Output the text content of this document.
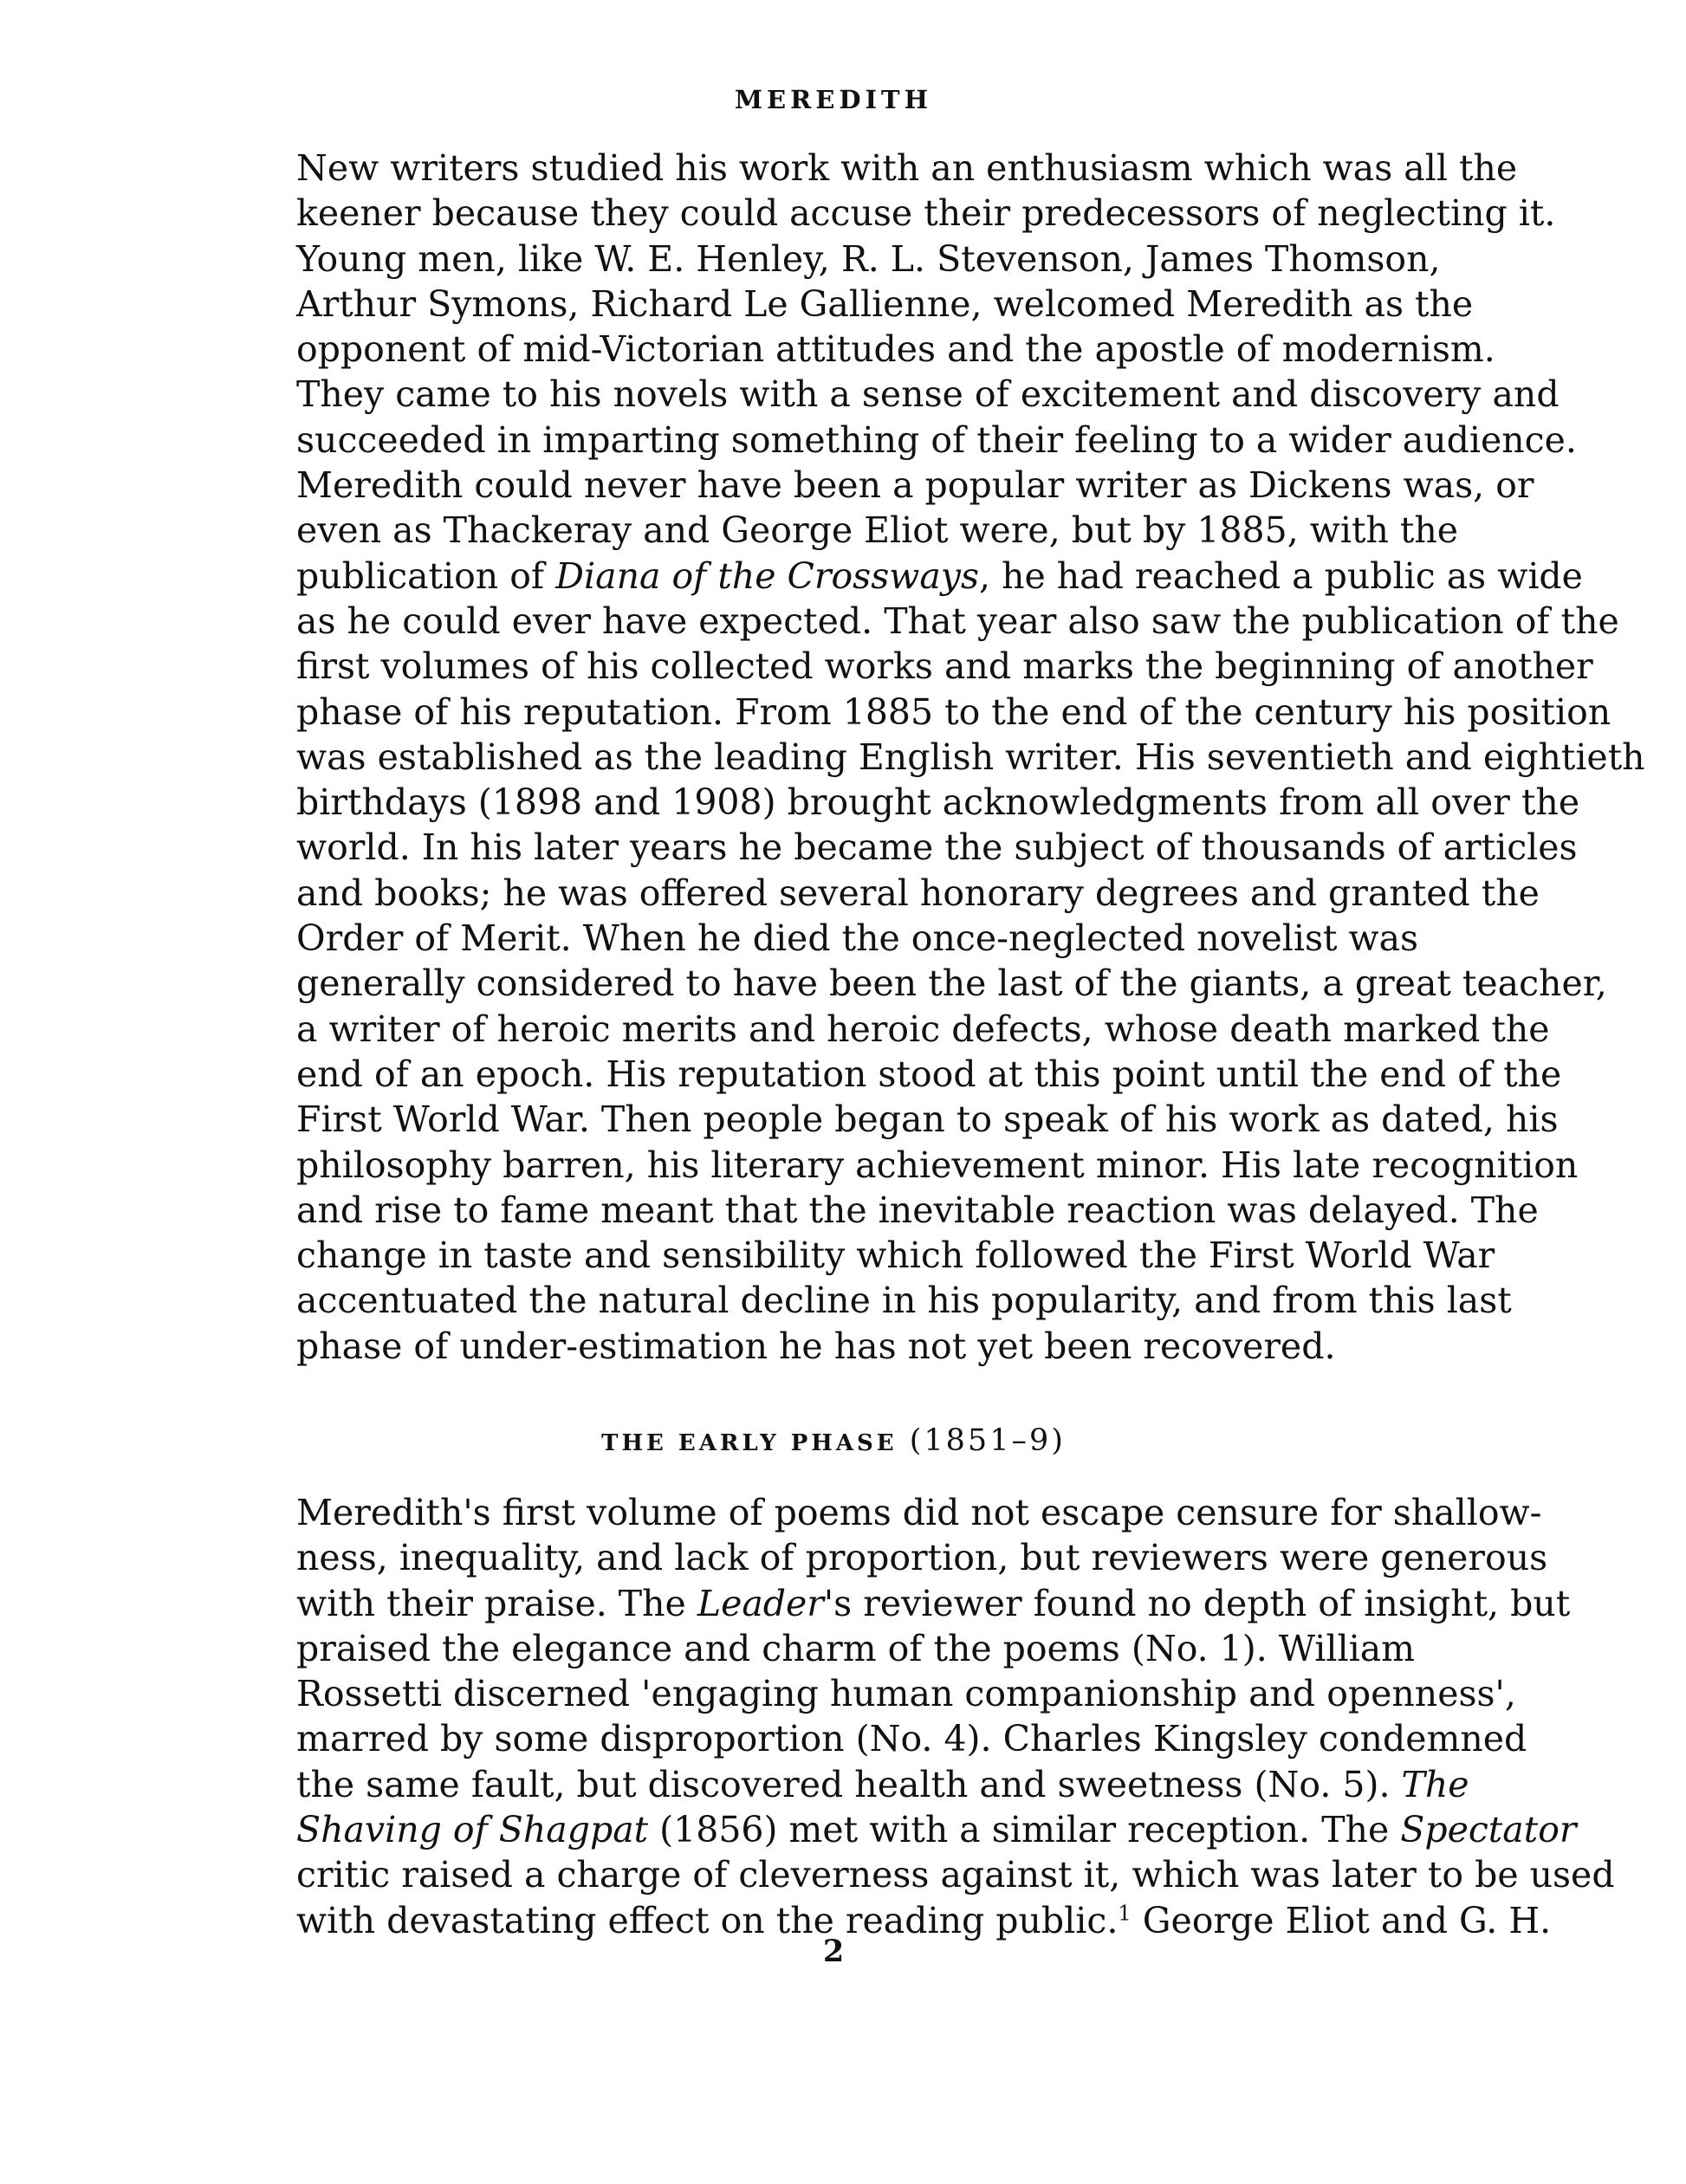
MEREDITH
New writers studied his work with an enthusiasm which was all the
keener because they could accuse their predecessors of neglecting it.
Young men, like W. E. Henley, R. L. Stevenson, James Thomson,
Arthur Symons, Richard Le Gallienne, welcomed Meredith as the
opponent of mid-Victorian attitudes and the apostle of modernism.
They came to his novels with a sense of excitement and discovery and
succeeded in imparting something of their feeling to a wider audience.
Meredith could never have been a popular writer as Dickens was, or
even as Thackeray and George Eliot were, but by 1885, with the
publication of Diana of the Crossways, he had reached a public as wide
as he could ever have expected. That year also saw the publication of the
first volumes of his collected works and marks the beginning of another
phase of his reputation. From 1885 to the end of the century his position
was established as the leading English writer. His seventieth and eightieth
birthdays (1898 and 1908) brought acknowledgments from all over the
world. In his later years he became the subject of thousands of articles
and books; he was offered several honorary degrees and granted the
Order of Merit. When he died the once-neglected novelist was
generally considered to have been the last of the giants, a great teacher,
a writer of heroic merits and heroic defects, whose death marked the
end of an epoch. His reputation stood at this point until the end of the
First World War. Then people began to speak of his work as dated, his
philosophy barren, his literary achievement minor. His late recognition
and rise to fame meant that the inevitable reaction was delayed. The
change in taste and sensibility which followed the First World War
accentuated the natural decline in his popularity, and from this last
phase of under-estimation he has not yet been recovered.
THE EARLY PHASE (1851–9)
Meredith's first volume of poems did not escape censure for shallow-
ness, inequality, and lack of proportion, but reviewers were generous
with their praise. The Leader's reviewer found no depth of insight, but
praised the elegance and charm of the poems (No. 1). William
Rossetti discerned 'engaging human companionship and openness',
marred by some disproportion (No. 4). Charles Kingsley condemned
the same fault, but discovered health and sweetness (No. 5). The
Shaving of Shagpat (1856) met with a similar reception. The Spectator
critic raised a charge of cleverness against it, which was later to be used
with devastating effect on the reading public.$^1$ George Eliot and G. H.
2
